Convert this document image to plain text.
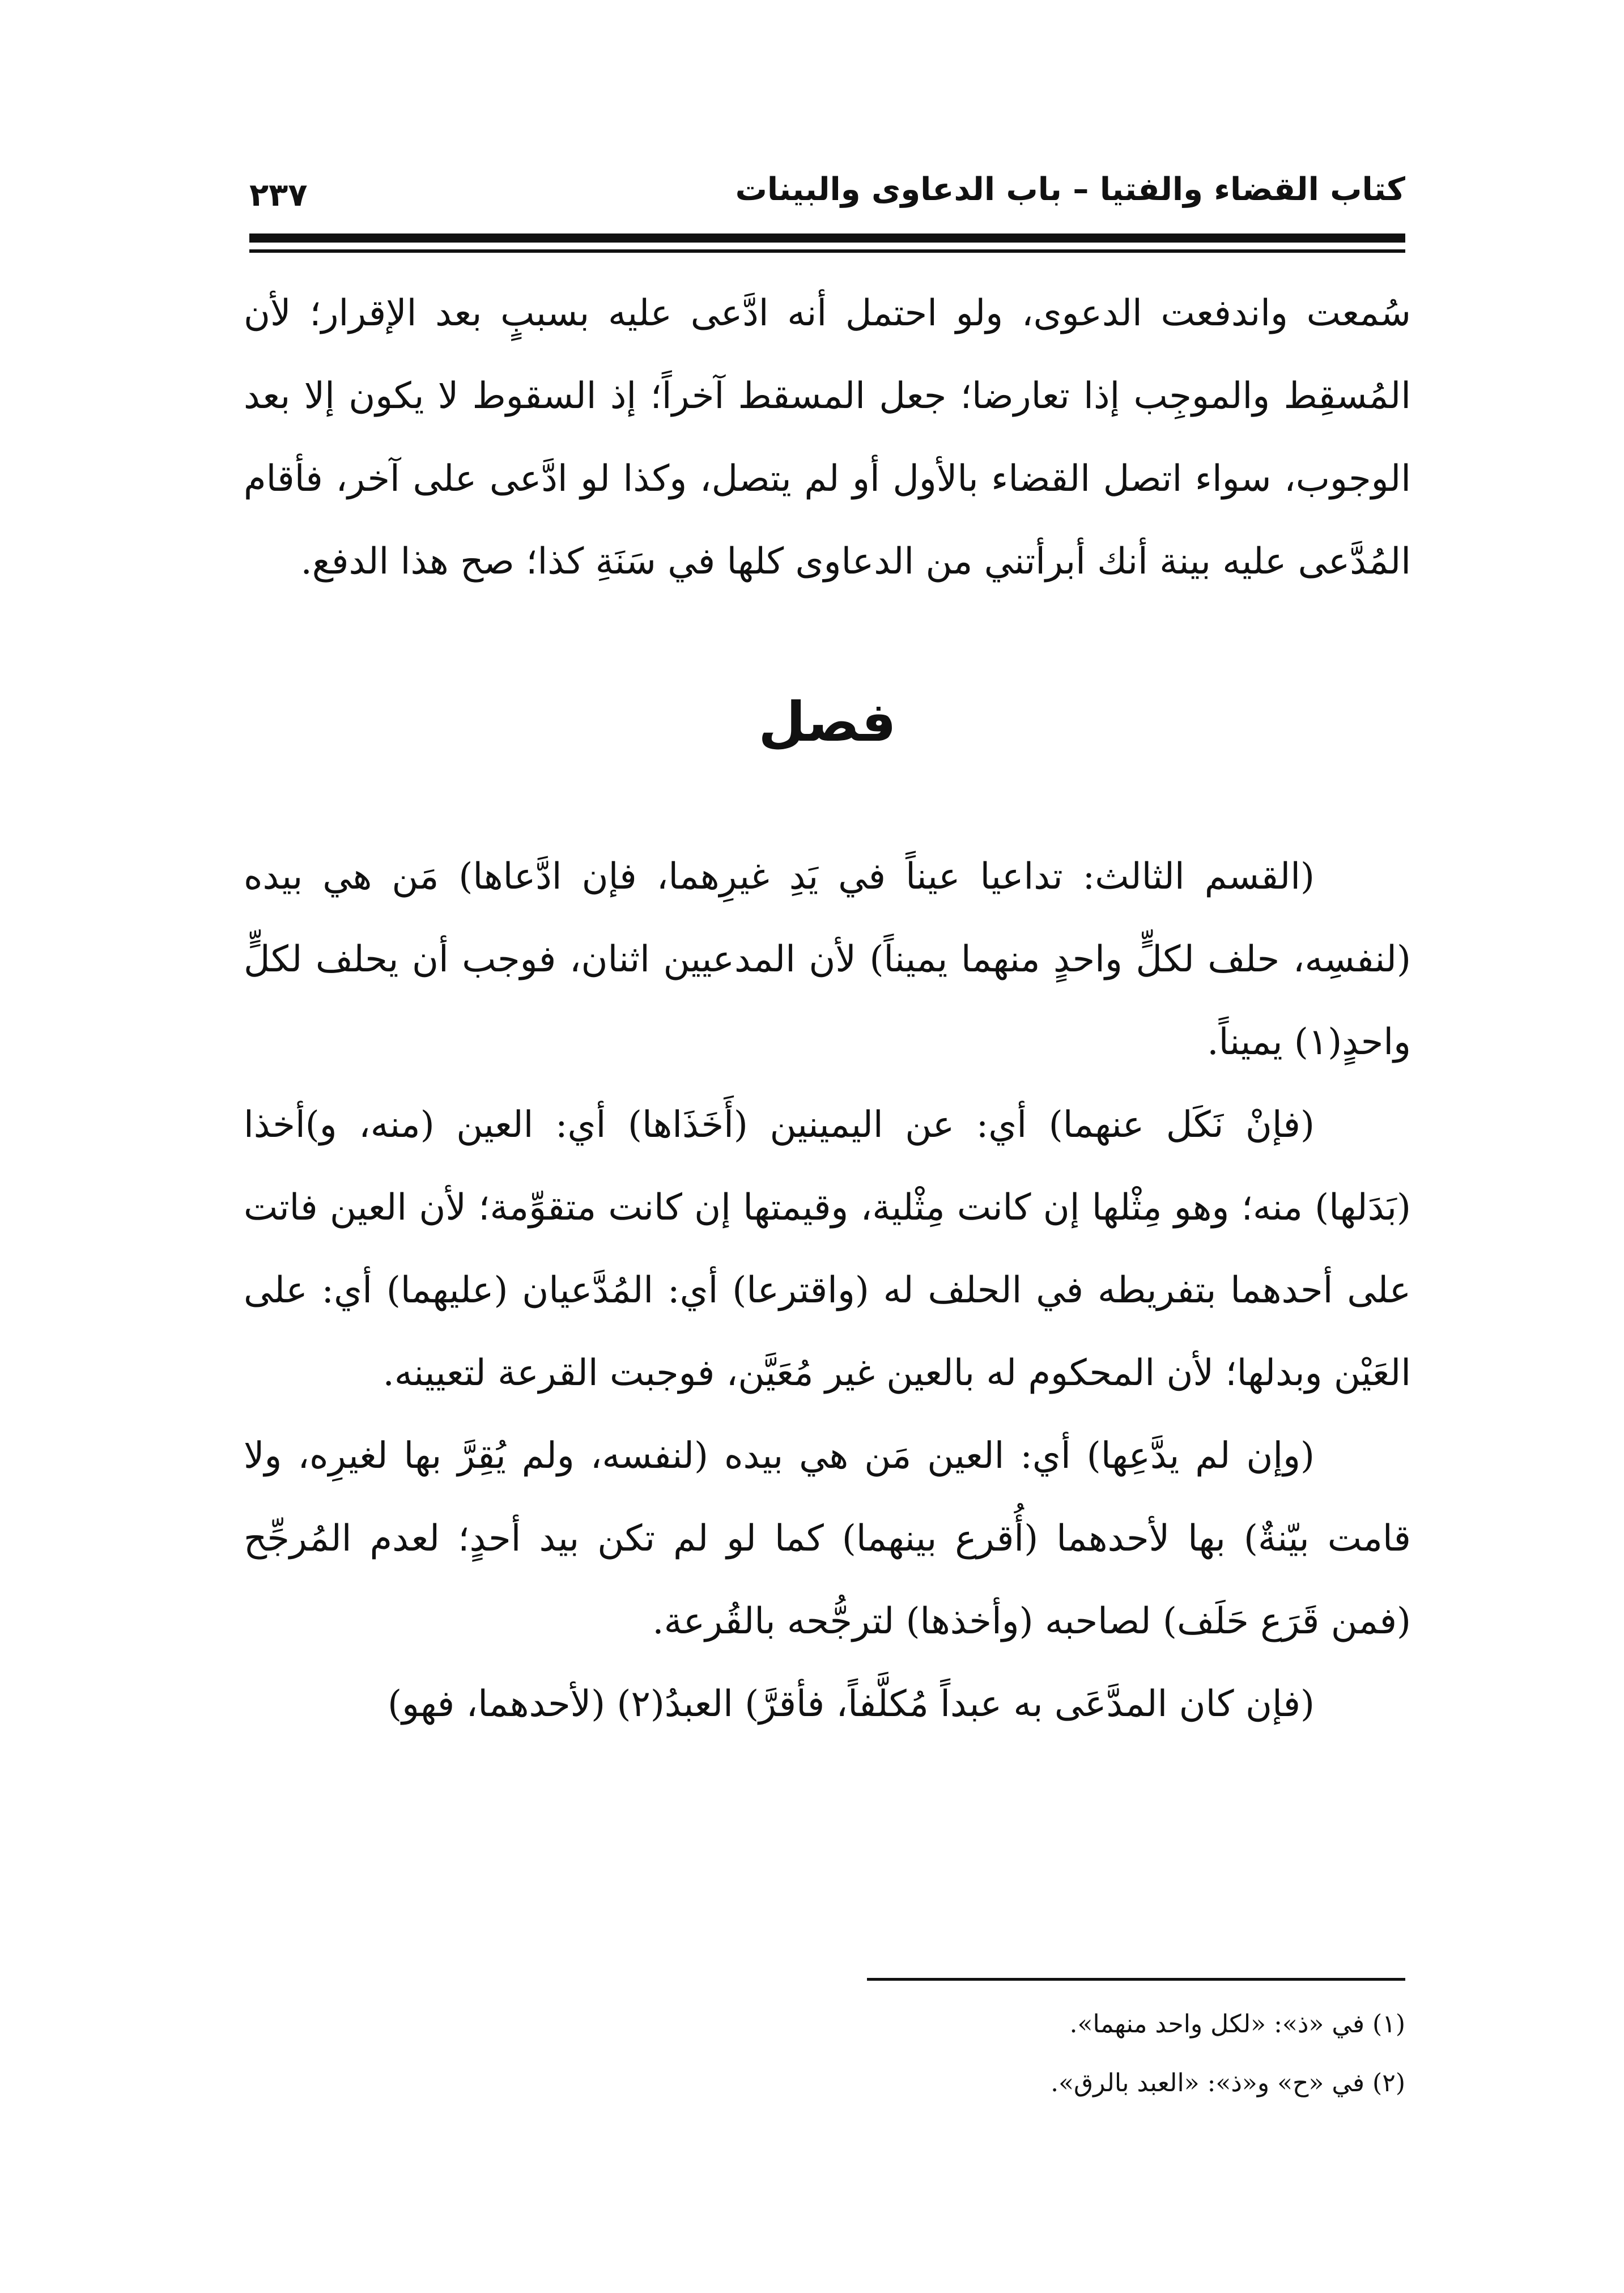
كتاب القضاء والفتيا – باب الدعاوى والبينات
٢٣٧

سُمعت واندفعت الدعوى، ولو احتمل أنه ادَّعى عليه بسببٍ بعد الإقرار؛ لأن المُسقِط والموجِب إذا تعارضا؛ جعل المسقط آخراً؛ إذ السقوط لا يكون إلا بعد الوجوب، سواء اتصل القضاء بالأول أو لم يتصل، وكذا لو ادَّعى على آخر، فأقام المُدَّعى عليه بينة أنك أبرأتني من الدعاوى كلها في سَنَةِ كذا؛ صح هذا الدفع.

فصل

(القسم الثالث: تداعيا عيناً في يَدِ غيرِهما، فإن ادَّعاها) مَن هي بيده (لنفسِه، حلف لكلٍّ واحدٍ منهما يميناً) لأن المدعيين اثنان، فوجب أن يحلف لكلٍّ واحدٍ(١) يميناً.

(فإنْ نَكَل عنهما) أي: عن اليمينين (أَخَذَاها) أي: العين (منه، و)أخذا (بَدَلها) منه؛ وهو مِثْلها إن كانت مِثْلية، وقيمتها إن كانت متقوِّمة؛ لأن العين فاتت على أحدهما بتفريطه في الحلف له (واقترعا) أي: المُدَّعيان (عليهما) أي: على العَيْن وبدلها؛ لأن المحكوم له بالعين غير مُعَيَّن، فوجبت القرعة لتعيينه.

(وإن لم يدَّعِها) أي: العين مَن هي بيده (لنفسه، ولم يُقِرَّ بها لغيرِه، ولا قامت بيّنةٌ) بها لأحدهما (أُقرع بينهما) كما لو لم تكن بيد أحدٍ؛ لعدم المُرجِّح (فمن قَرَع حَلَف) لصاحبه (وأخذها) لترجُّحه بالقُرعة.

(فإن كان المدَّعَى به عبداً مُكلَّفاً، فأقرَّ) العبدُ(٢) (لأحدهما، فهو)

(١) في «ذ»: «لكل واحد منهما».

(٢) في «ح» و«ذ»: «العبد بالرق».
